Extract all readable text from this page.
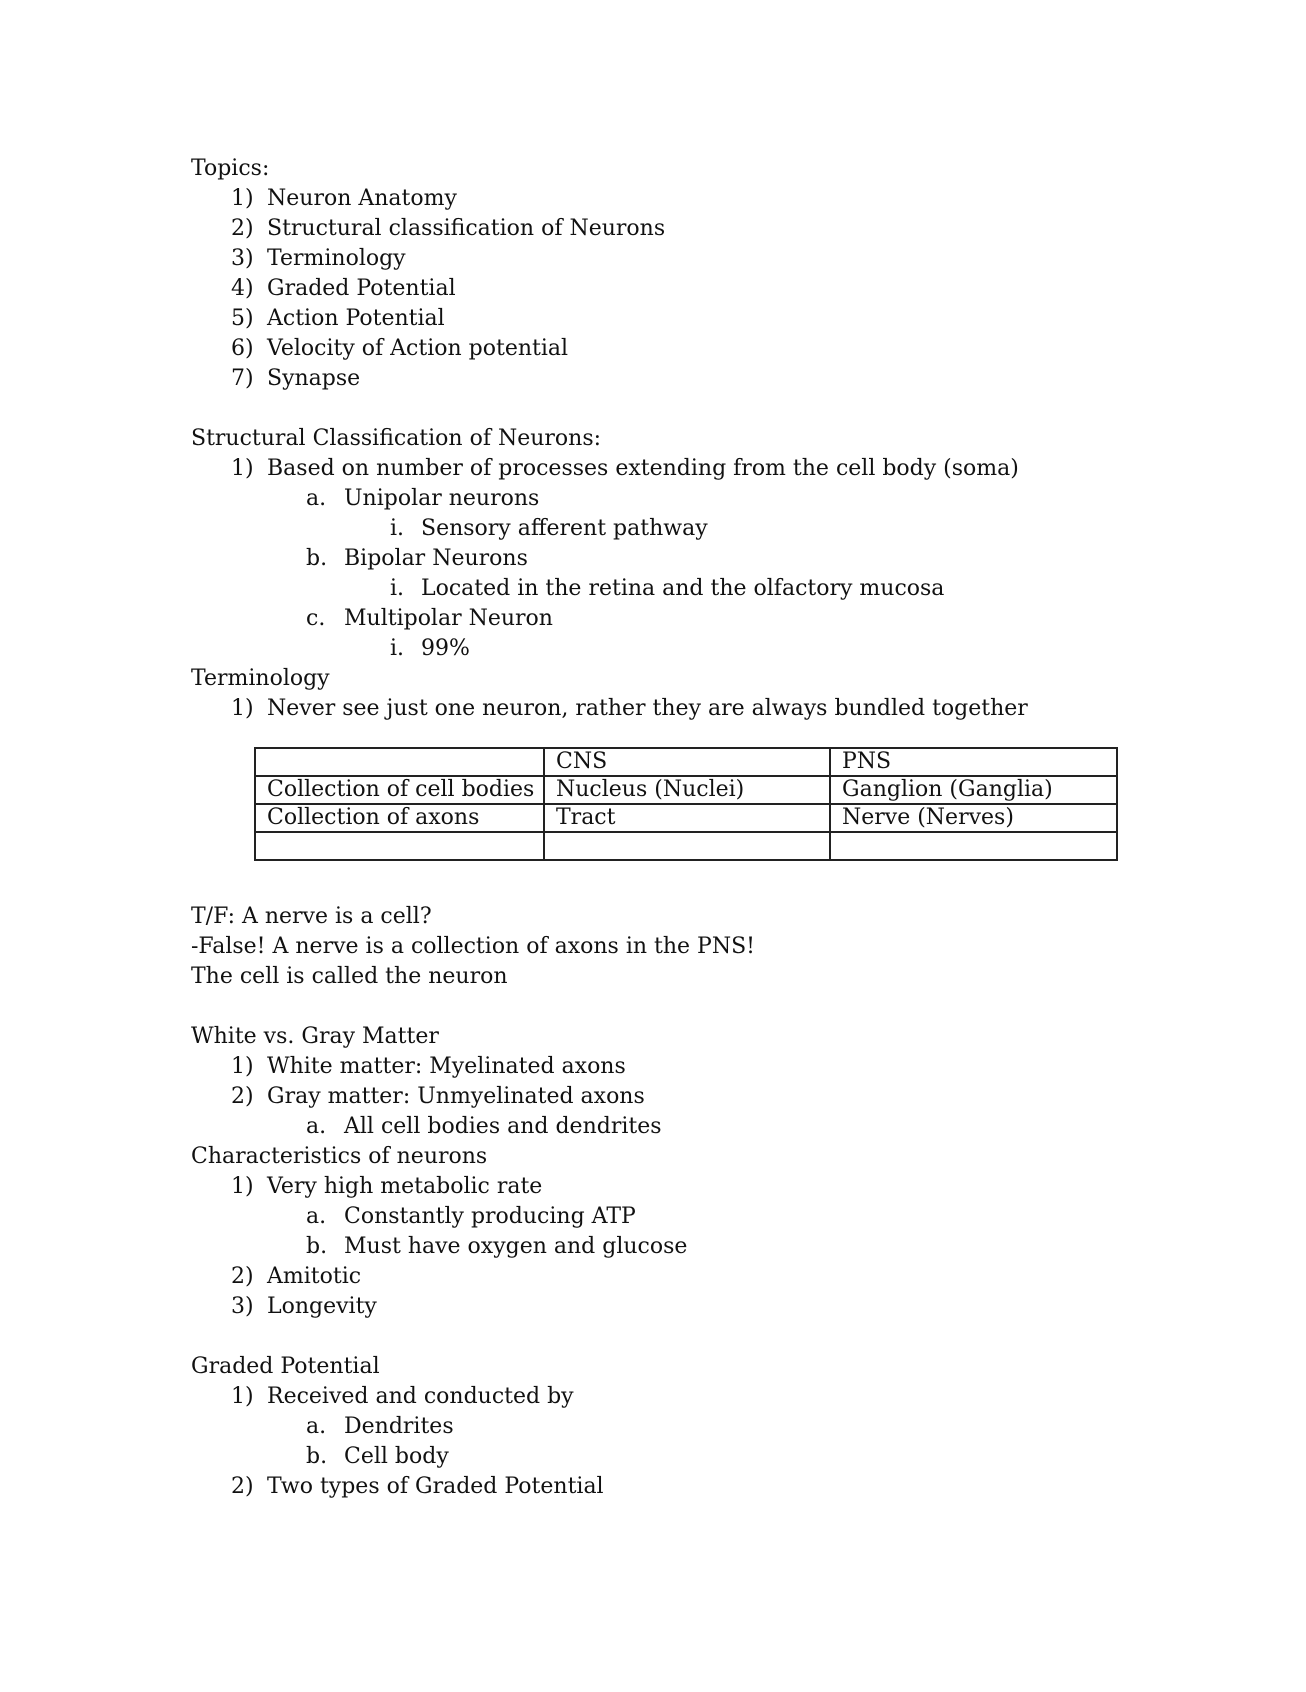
Topics:
1) Neuron Anatomy
2) Structural classification of Neurons
3) Terminology
4) Graded Potential
5) Action Potential
6) Velocity of Action potential
7) Synapse
Structural Classification of Neurons:
1) Based on number of processes extending from the cell body (soma)
a. Unipolar neurons
i. Sensory afferent pathway
b. Bipolar Neurons
i. Located in the retina and the olfactory mucosa
c. Multipolar Neuron
i. 99%
Terminology
1) Never see just one neuron, rather they are always bundled together
	CNS	PNS
Collection of cell bodies	Nucleus (Nuclei)	Ganglion (Ganglia)
Collection of axons	Tract	Nerve (Nerves)

T/F: A nerve is a cell?
-False! A nerve is a collection of axons in the PNS!
The cell is called the neuron
White vs. Gray Matter
1) White matter: Myelinated axons
2) Gray matter: Unmyelinated axons
a. All cell bodies and dendrites
Characteristics of neurons
1) Very high metabolic rate
a. Constantly producing ATP
b. Must have oxygen and glucose
2) Amitotic
3) Longevity
Graded Potential
1) Received and conducted by
a. Dendrites
b. Cell body
2) Two types of Graded Potential
